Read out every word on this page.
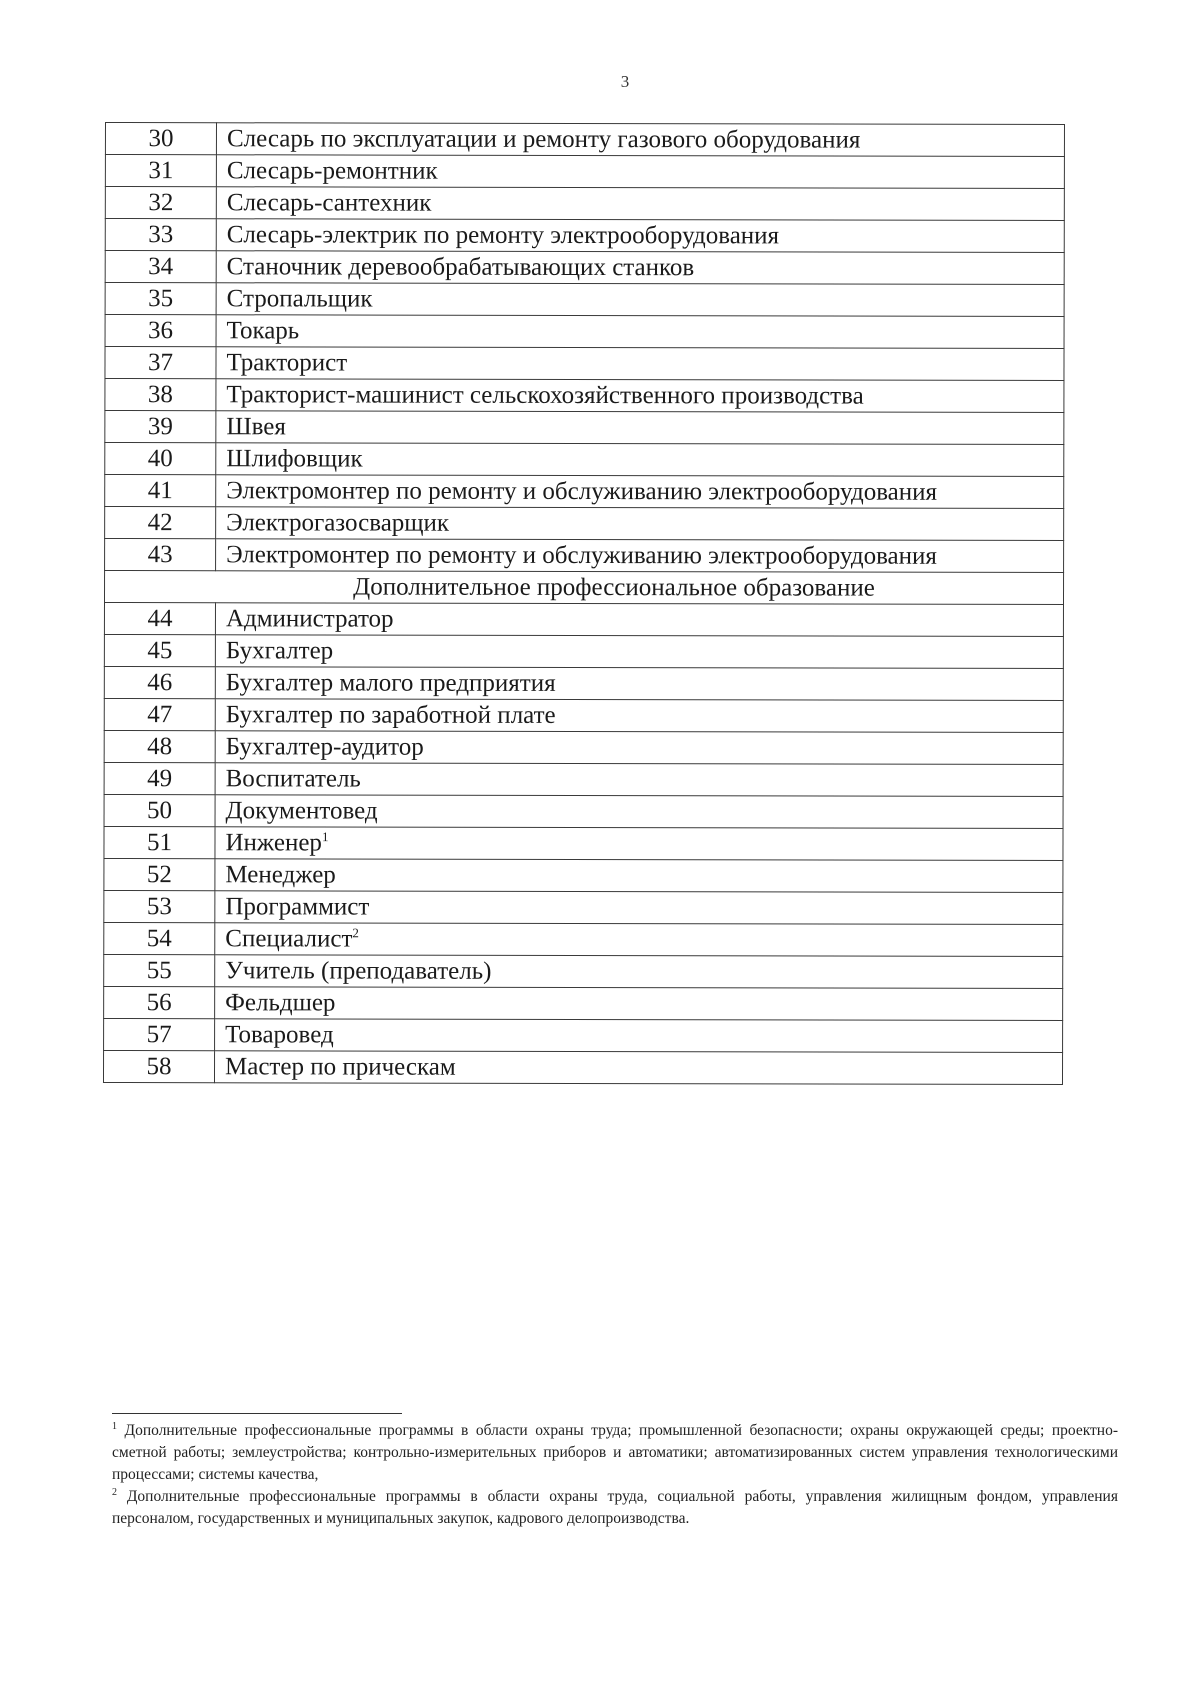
3
30	Слесарь по эксплуатации и ремонту газового оборудования
31	Слесарь-ремонтник
32	Слесарь-сантехник
33	Слесарь-электрик по ремонту электрооборудования
34	Станочник деревообрабатывающих станков
35	Стропальщик
36	Токарь
37	Тракторист
38	Тракторист-машинист сельскохозяйственного производства
39	Швея
40	Шлифовщик
41	Электромонтер по ремонту и обслуживанию электрооборудования
42	Электрогазосварщик
43	Электромонтер по ремонту и обслуживанию электрооборудования
Дополнительное профессиональное образование	
44	Администратор
45	Бухгалтер
46	Бухгалтер малого предприятия
47	Бухгалтер по заработной плате
48	Бухгалтер-аудитор
49	Воспитатель
50	Документовед
51	Инженер$^1$
52	Менеджер
53	Программист
54	Специалист$^2$
55	Учитель (преподаватель)
56	Фельдшер
57	Товаровед
58	Мастер по прическам

$^1$ Дополнительные профессиональные программы в области охраны труда; промышленной безопасности; охраны окружающей среды; проектно-сметной работы; землеустройства; контрольно-измерительных приборов и автоматики; автоматизированных систем управления технологическими процессами; системы качества,

$^2$ Дополнительные профессиональные программы в области охраны труда, социальной работы, управления жилищным фондом, управления персоналом, государственных и муниципальных закупок, кадрового делопроизводства.
